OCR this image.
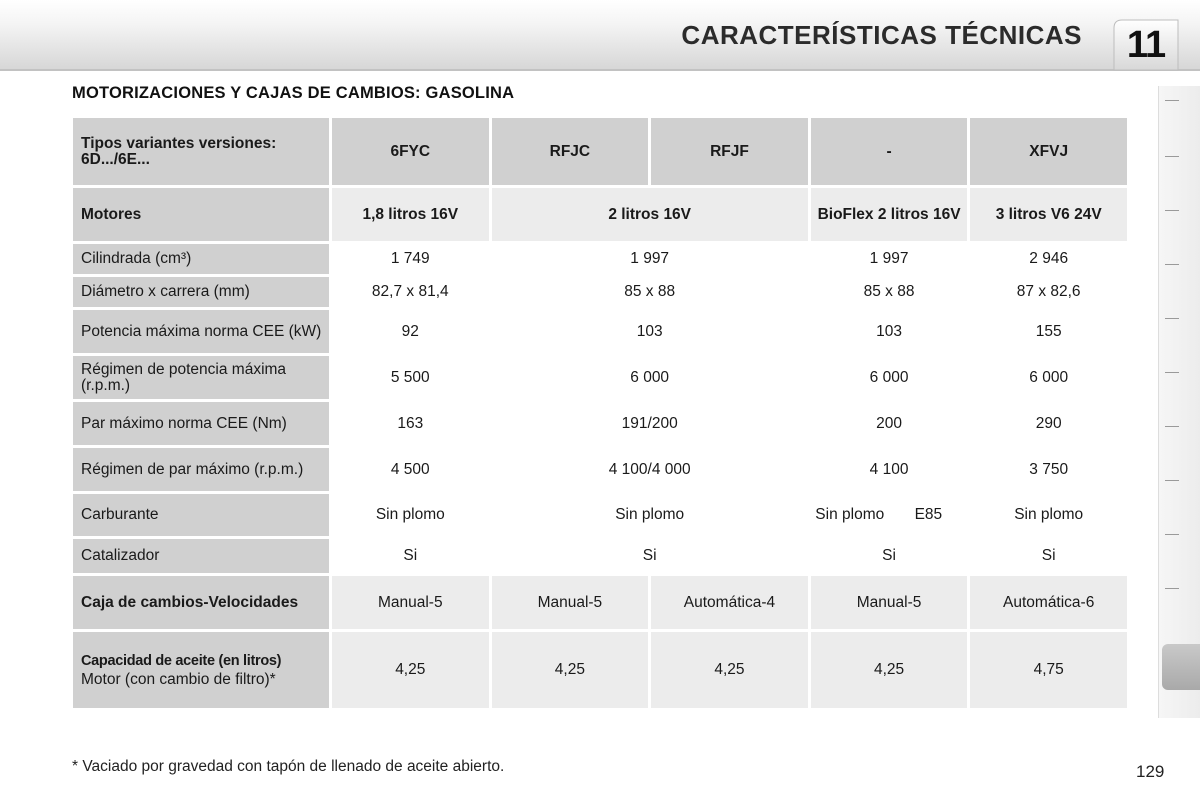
CARACTERÍSTICAS TÉCNICAS	11
MOTORIZACIONES Y CAJAS DE CAMBIOS: GASOLINA
Tipos variantes versiones: 6D.../6E...	6FYC	RFJC	RFJF	-	XFVJ
Motores	1,8 litros 16V	2 litros 16V		BioFlex 2 litros 16V	3 litros V6 24V
Cilindrada (cm³)	1 749	1 997		1 997	2 946
Diámetro x carrera (mm)	82,7 x 81,4	85 x 88		85 x 88	87 x 82,6
Potencia máxima norma CEE (kW)	92	103		103	155
Régimen de potencia máxima (r.p.m.)	5 500	6 000		6 000	6 000
Par máximo norma CEE (Nm)	163	191/200		200	290
Régimen de par máximo (r.p.m.)	4 500	4 100/4 000		4 100	3 750
Carburante	Sin plomo	Sin plomo		Sin plomo E85	Sin plomo
Catalizador	Si	Si		Si	Si
Caja de cambios-Velocidades	Manual-5	Manual-5	Automática-4	Manual-5	Automática-6

Capacidad de aceite (en litros)
Motor (con cambio de filtro)*	4,25	4,25	4,25	4,25	4,75
* Vaciado por gravedad con tapón de llenado de aceite abierto.	129
